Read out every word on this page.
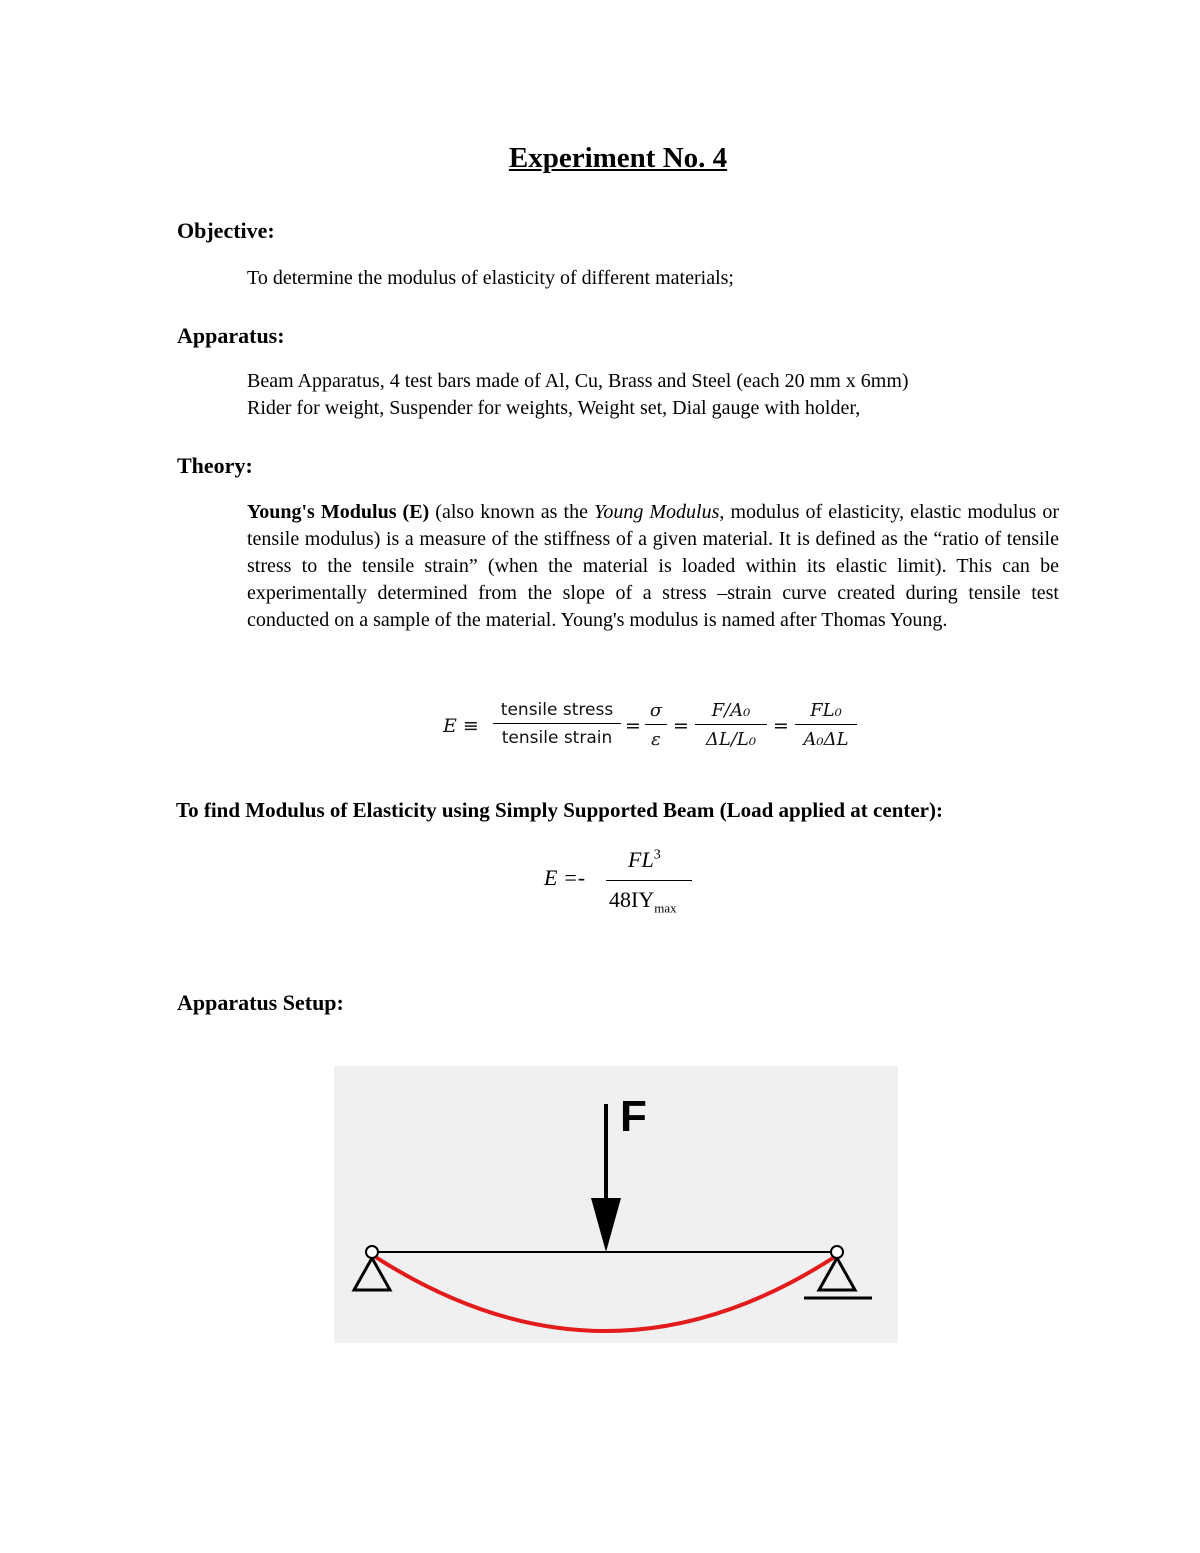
Experiment No. 4
Objective:
To determine the modulus of elasticity of different materials;
Apparatus:
Beam Apparatus, 4 test bars made of Al, Cu, Brass and Steel (each 20 mm x 6mm)
Rider for weight, Suspender for weights, Weight set, Dial gauge with holder,
Theory:
Young's Modulus (E) (also known as the Young Modulus, modulus of elasticity, elastic modulus or tensile modulus) is a measure of the stiffness of a given material. It is defined as the “ratio of tensile stress to the tensile strain” (when the material is loaded within its elastic limit). This can be experimentally determined from the slope of a stress –strain curve created during tensile test conducted on a sample of the material. Young's modulus is named after Thomas Young.
E ≡
tensile stress
tensile strain
=
σ
ε
=
F/A₀
ΔL/L₀
=
FL₀
A₀ΔL
To find Modulus of Elasticity using Simply Supported Beam (Load applied at center):
E =-
$FL^3$
$48IY_{max}$
Apparatus Setup:
F
